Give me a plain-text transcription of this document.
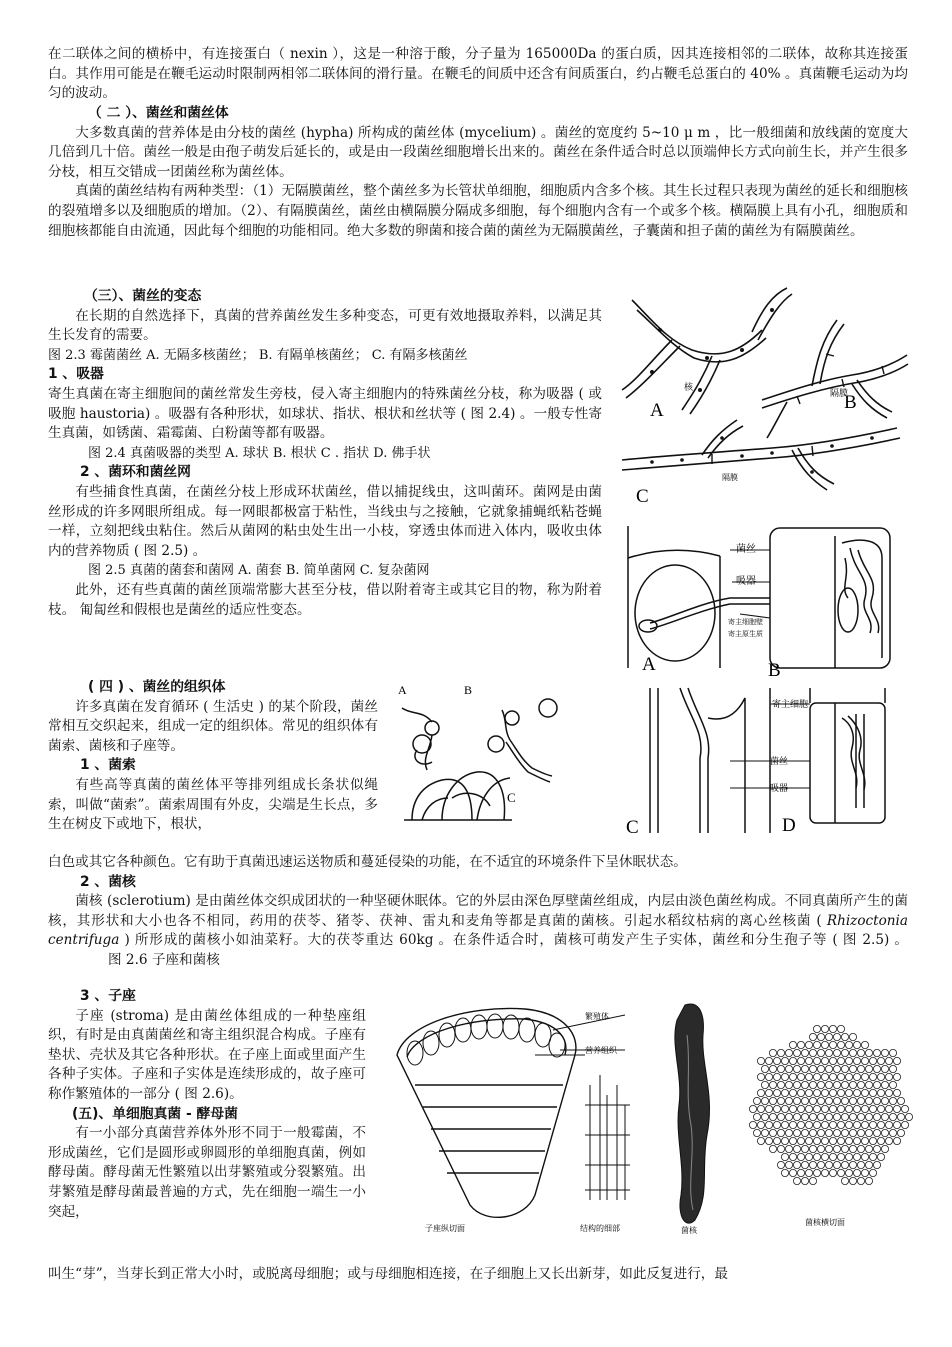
在二联体之间的横桥中，有连接蛋白（ nexin ），这是一种溶于酸，分子量为 165000Da 的蛋白质，因其连接相邻的二联体，故称其连接蛋白。其作用可能是在鞭毛运动时限制两相邻二联体间的滑行量。在鞭毛的间质中还含有间质蛋白，约占鞭毛总蛋白的 40% 。真菌鞭毛运动为均匀的波动。

（ 二 ）、菌丝和菌丝体

大多数真菌的营养体是由分枝的菌丝 (hypha) 所构成的菌丝体 (mycelium) 。菌丝的宽度约 5~10 μ m ，比一般细菌和放线菌的宽度大几倍到几十倍。菌丝一般是由孢子萌发后延长的，或是由一段菌丝细胞增长出来的。菌丝在条件适合时总以顶端伸长方式向前生长，并产生很多分枝，相互交错成一团菌丝称为菌丝体。

真菌的菌丝结构有两种类型：（1）无隔膜菌丝，整个菌丝多为长管状单细胞，细胞质内含多个核。其生长过程只表现为菌丝的延长和细胞核的裂殖增多以及细胞质的增加。（2）、有隔膜菌丝，菌丝由横隔膜分隔成多细胞，每个细胞内含有一个或多个核。横隔膜上具有小孔，细胞质和细胞核都能自由流通，因此每个细胞的功能相同。绝大多数的卵菌和接合菌的菌丝为无隔膜菌丝，子囊菌和担子菌的菌丝为有隔膜菌丝。

（三）、菌丝的变态

在长期的自然选择下，真菌的营养菌丝发生多种变态，可更有效地摄取养料，以满足其生长发育的需要。

图 2.3 霉菌菌丝 A. 无隔多核菌丝； B. 有隔单核菌丝； C. 有隔多核菌丝

1 、吸器

寄生真菌在寄主细胞间的菌丝常发生旁枝，侵入寄主细胞内的特殊菌丝分枝，称为吸器 ( 或吸胞 haustoria) 。吸器有各种形状，如球状、指状、根状和丝状等 ( 图 2.4) 。一般专性寄生真菌，如锈菌、霜霉菌、白粉菌等都有吸器。

图 2.4 真菌吸器的类型 A. 球状 B. 根状 C . 指状 D. 佛手状

2 、菌环和菌丝网

有些捕食性真菌，在菌丝分枝上形成环状菌丝，借以捕捉线虫，这叫菌环。菌网是由菌丝形成的许多网眼所组成。每一网眼都极富于粘性，当线虫与之接触，它就象捕蝇纸粘苍蝇一样，立刻把线虫粘住。然后从菌网的粘虫处生出一小枝，穿透虫体而进入体内，吸收虫体内的营养物质 ( 图 2.5) 。

图 2.5 真菌的菌套和菌网 A. 菌套 B. 简单菌网 C. 复杂菌网

此外，还有些真菌的菌丝顶端常膨大甚至分枝，借以附着寄主或其它目的物，称为附着枝。 匍匐丝和假根也是菌丝的适应性变态。

( 四 ) 、菌丝的组织体

许多真菌在发育循环 ( 生活史 ) 的某个阶段，菌丝常相互交织起来，组成一定的组织体。常见的组织体有菌索、菌核和子座等。

1 、菌索

有些高等真菌的菌丝体平等排列组成长条状似绳索，叫做“菌索”。菌索周围有外皮，尖端是生长点，多生在树皮下或地下，根状，

白色或其它各种颜色。它有助于真菌迅速运送物质和蔓延侵染的功能，在不适宜的环境条件下呈休眠状态。

2 、菌核

菌核 (sclerotium) 是由菌丝体交织成团状的一种坚硬休眠体。它的外层由深色厚壁菌丝组成，内层由淡色菌丝构成。不同真菌所产生的菌核，其形状和大小也各不相同，药用的茯苓、猪苓、茯神、雷丸和麦角等都是真菌的菌核。引起水稻纹枯病的离心丝核菌 ( Rhizoctonia centrifuga ) 所形成的菌核小如油菜籽。大的茯苓重达 60kg 。在条件适合时，菌核可萌发产生子实体，菌丝和分生孢子等 ( 图 2.5) 。图 2.6 子座和菌核

3 、子座

子座 (stroma) 是由菌丝体组成的一种垫座组织，有时是由真菌菌丝和寄主组织混合构成。子座有垫状、壳状及其它各种形状。在子座上面或里面产生各种子实体。子座和子实体是连续形成的，故子座可称作繁殖体的一部分 ( 图 2.6)。

(五)、单细胞真菌 - 酵母菌

有一小部分真菌营养体外形不同于一般霉菌，不形成菌丝，它们是圆形或卵圆形的单细胞真菌，例如酵母菌。酵母菌无性繁殖以出芽繁殖或分裂繁殖。出芽繁殖是酵母菌最普遍的方式，先在细胞一端生一小突起，

叫生“芽”，当芽长到正常大小时，或脱离母细胞；或与母细胞相连接，在子细胞上又长出新芽，如此反复进行，最

核
隔膜
隔膜
A	B
C
菌丝
吸器
寄主细胞壁
寄主原生质
寄主细胞
菌丝
吸器
A	B
C	D
A	B
C
繁殖体
营养组织
子座纵切面	结构的细部	菌核
菌核横切面
